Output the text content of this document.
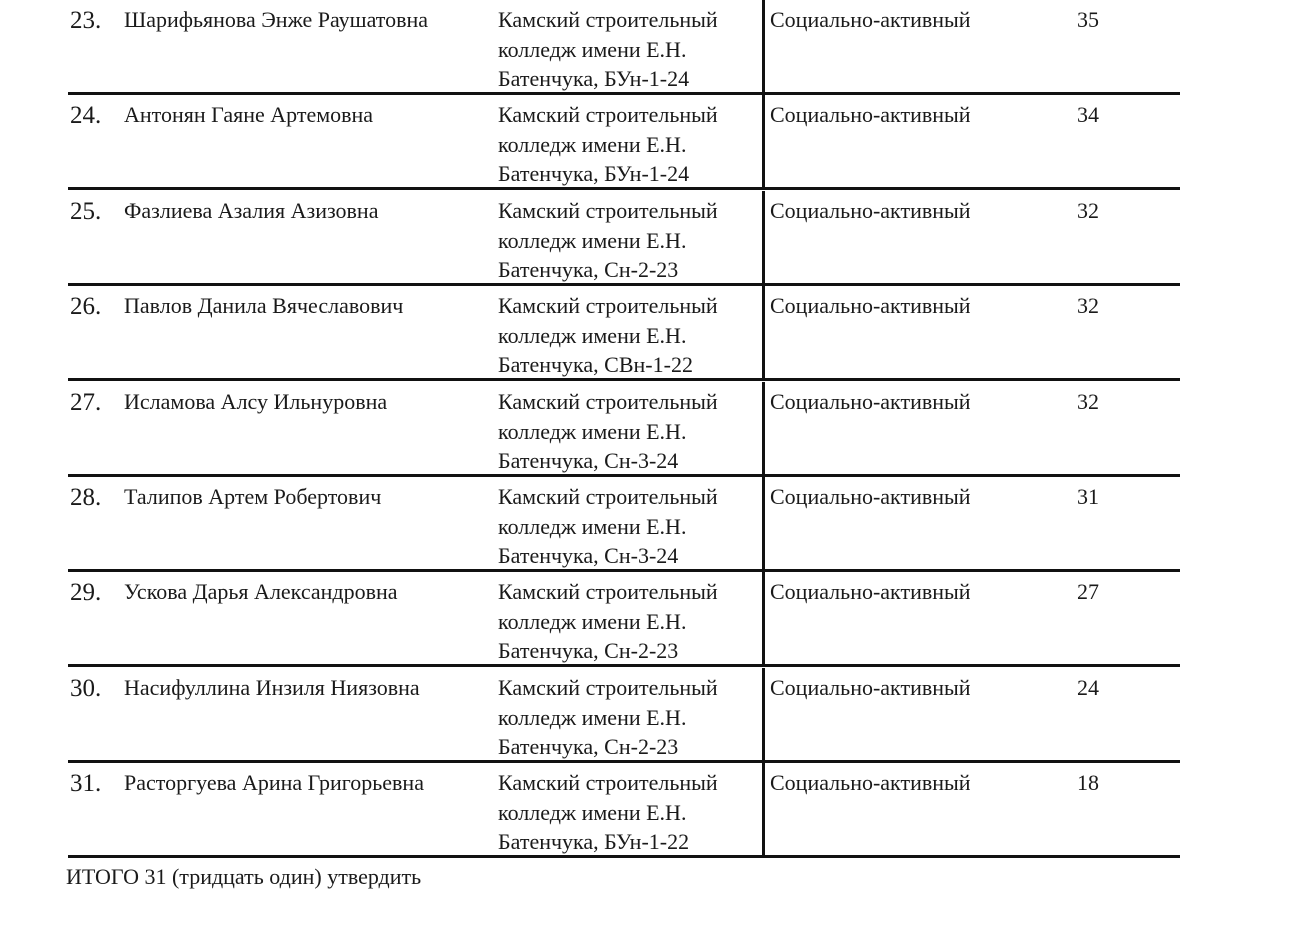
23. Шарифьянова Энже Раушатовна	Камский строительный
колледж имени Е.Н.
Батенчука, БУн-1-24
Социально-активный	35
24. Антонян Гаяне Артемовна	Камский строительный
колледж имени Е.Н.
Батенчука, БУн-1-24
Социально-активный	34
25. Фазлиева Азалия Азизовна	Камский строительный
колледж имени Е.Н.
Батенчука, Сн-2-23
Социально-активный	32
26. Павлов Данила Вячеславович	Камский строительный
колледж имени Е.Н.
Батенчука, СВн-1-22
Социально-активный	32
27. Исламова Алсу Ильнуровна	Камский строительный
колледж имени Е.Н.
Батенчука, Сн-3-24
Социально-активный	32
28. Талипов Артем Робертович	Камский строительный
колледж имени Е.Н.
Батенчука, Сн-3-24
Социально-активный	31
29. Ускова Дарья Александровна	Камский строительный
колледж имени Е.Н.
Батенчука, Сн-2-23
Социально-активный	27
30. Насифуллина Инзиля Ниязовна	Камский строительный
колледж имени Е.Н.
Батенчука, Сн-2-23
Социально-активный	24
31. Расторгуева Арина Григорьевна	Камский строительный
колледж имени Е.Н.
Батенчука, БУн-1-22
Социально-активный	18
ИТОГО 31 (тридцать один) утвердить
